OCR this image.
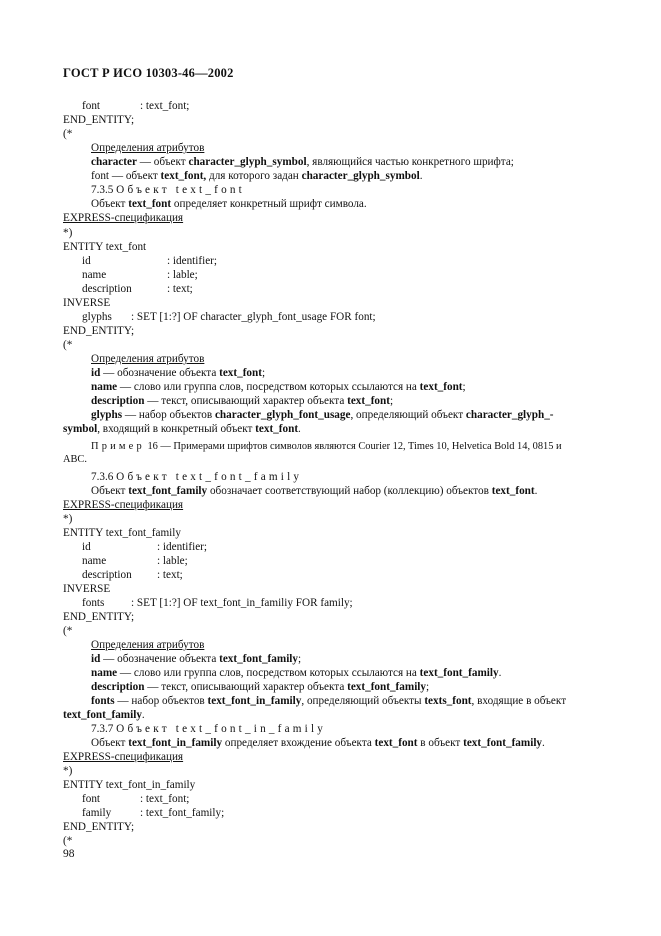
ГОСТ Р ИСО 10303-46—2002
font	: text_font;
END_ENTITY;
(*
Определения атрибутов
character — объект character_glyph_symbol, являющийся частью конкретного шрифта;
font — объект text_font, для которого задан character_glyph_symbol.
7.3.5 Объект text_font
Объект text_font определяет конкретный шрифт символа.
EXPRESS-спецификация
*)
ENTITY text_font
id	: identifier;
name	: lable;
description	: text;
INVERSE
glyphs : SET [1:?] OF character_glyph_font_usage FOR font;
END_ENTITY;
(*
Определения атрибутов
id — обозначение объекта text_font;
name — слово или группа слов, посредством которых ссылаются на text_font;
description — текст, описывающий характер объекта text_font;
glyphs — набор объектов character_glyph_font_usage, определяющий объект character_glyph_-
symbol, входящий в конкретный объект text_font.
Пример 16 — Примерами шрифтов символов являются Courier 12, Times 10, Helvetica Bold 14, 0815 и
ABC.
7.3.6 Объект text_font_family
Объект text_font_family обозначает соответствующий набор (коллекцию) объектов text_font.
EXPRESS-спецификация
*)
ENTITY text_font_family
id	: identifier;
name	: lable;
description : text;
INVERSE
fonts : SET [1:?] OF text_font_in_familiy FOR family;
END_ENTITY;
(*
Определения атрибутов
id — обозначение объекта text_font_family;
name — слово или группа слов, посредством которых ссылаются на text_font_family.
description — текст, описывающий характер объекта text_font_family;
fonts — набор объектов text_font_in_family, определяющий объекты texts_font, входящие в объект
text_font_family.
7.3.7 Объект text_font_in_family
Объект text_font_in_family определяет вхождение объекта text_font в объект text_font_family.
EXPRESS-спецификация
*)
ENTITY text_font_in_family
font	: text_font;
family	: text_font_family;
END_ENTITY;
(*
98
